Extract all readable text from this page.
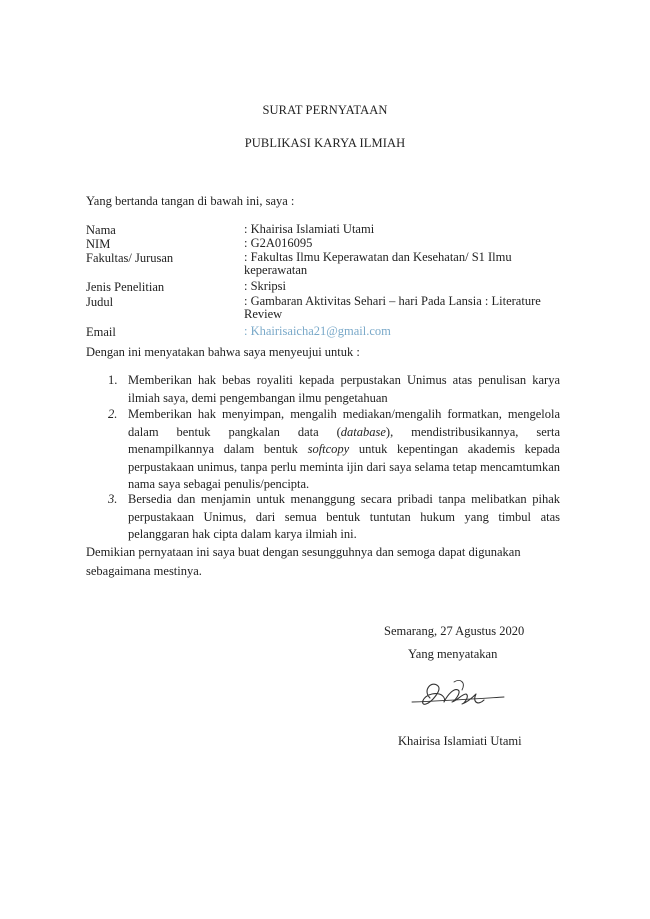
SURAT PERNYATAAN
PUBLIKASI KARYA ILMIAH
Yang bertanda tangan di bawah ini, saya :
Nama	: Khairisa Islamiati Utami
NIM	: G2A016095
Fakultas/ Jurusan	: Fakultas Ilmu Keperawatan dan Kesehatan/ S1 Ilmu keperawatan
Jenis Penelitian	: Skripsi
Judul	: Gambaran Aktivitas Sehari – hari Pada Lansia : Literature Review
Email	: Khairisaicha21@gmail.com
Dengan ini menyatakan bahwa saya menyeujui untuk :
1. Memberikan hak bebas royaliti kepada perpustakan Unimus atas penulisan karya ilmiah saya, demi pengembangan ilmu pengetahuan
2. Memberikan hak menyimpan, mengalih mediakan/mengalih formatkan, mengelola dalam bentuk pangkalan data (database), mendistribusikannya, serta menampilkannya dalam bentuk softcopy untuk kepentingan akademis kepada perpustakaan unimus, tanpa perlu meminta ijin dari saya selama tetap mencamtumkan nama saya sebagai penulis/pencipta.
3. Bersedia dan menjamin untuk menanggung secara pribadi tanpa melibatkan pihak perpustakaan Unimus, dari semua bentuk tuntutan hukum yang timbul atas pelanggaran hak cipta dalam karya ilmiah ini.
Demikian pernyataan ini saya buat dengan sesungguhnya dan semoga dapat digunakan sebagaimana mestinya.
Semarang, 27 Agustus 2020
Yang menyatakan
Khairisa Islamiati Utami
